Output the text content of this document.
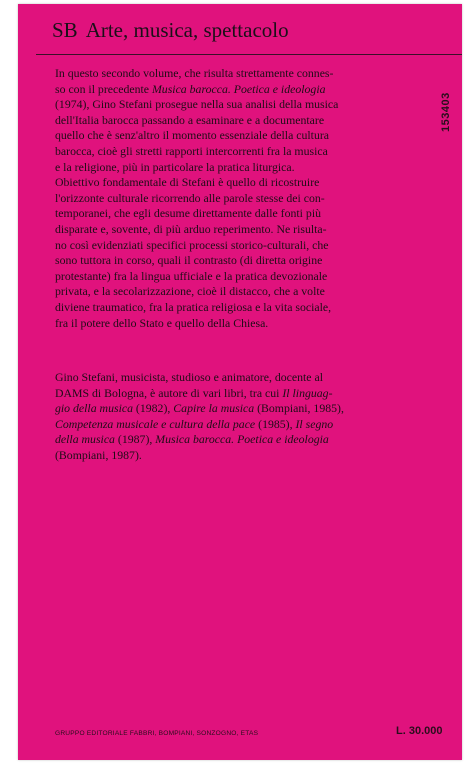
SB Arte, musica, spettacolo
153403
In questo secondo volume, che risulta strettamente connes-
so con il precedente Musica barocca. Poetica e ideologia
(1974), Gino Stefani prosegue nella sua analisi della musica
dell'Italia barocca passando a esaminare e a documentare
quello che è senz'altro il momento essenziale della cultura
barocca, cioè gli stretti rapporti intercorrenti fra la musica
e la religione, più in particolare la pratica liturgica.
Obiettivo fondamentale di Stefani è quello di ricostruire
l'orizzonte culturale ricorrendo alle parole stesse dei con-
temporanei, che egli desume direttamente dalle fonti più
disparate e, sovente, di più arduo reperimento. Ne risulta-
no così evidenziati specifici processi storico-culturali, che
sono tuttora in corso, quali il contrasto (di diretta origine
protestante) fra la lingua ufficiale e la pratica devozionale
privata, e la secolarizzazione, cioè il distacco, che a volte
diviene traumatico, fra la pratica religiosa e la vita sociale,
fra il potere dello Stato e quello della Chiesa.
Gino Stefani, musicista, studioso e animatore, docente al
DAMS di Bologna, è autore di vari libri, tra cui Il linguag-
gio della musica (1982), Capire la musica (Bompiani, 1985),
Competenza musicale e cultura della pace (1985), Il segno
della musica (1987), Musica barocca. Poetica e ideologia
(Bompiani, 1987).
GRUPPO EDITORIALE FABBRI, BOMPIANI, SONZOGNO, ETAS	L. 30.000
